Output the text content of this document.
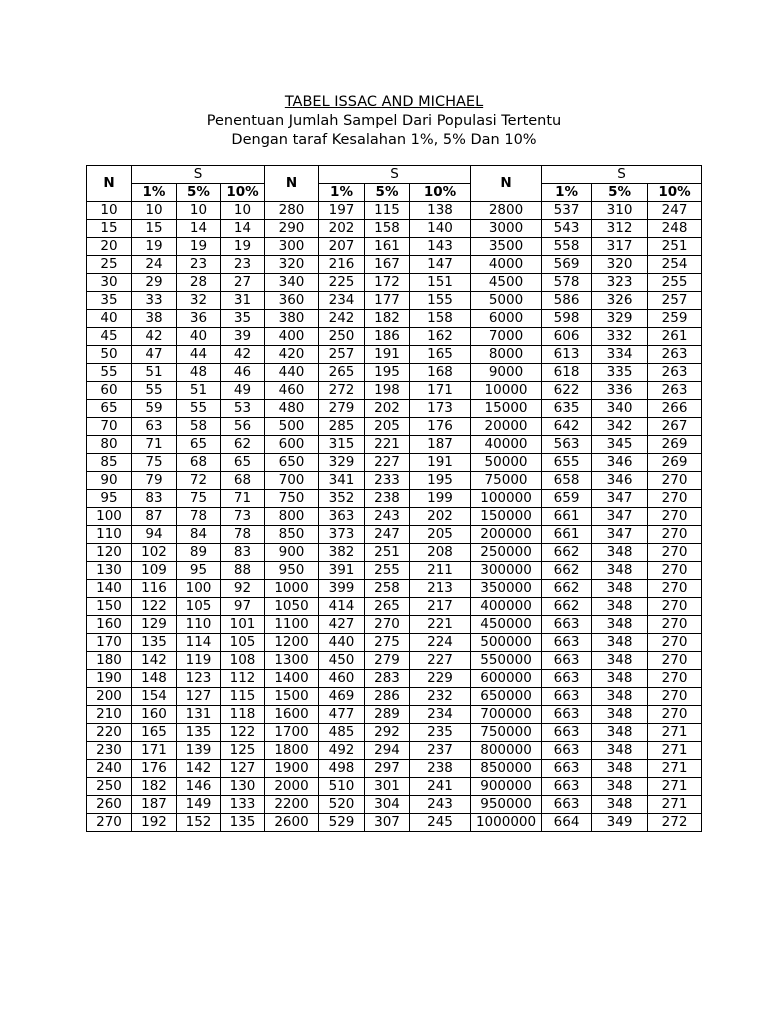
TABEL ISSAC AND MICHAEL
Penentuan Jumlah Sampel Dari Populasi Tertentu
Dengan taraf Kesalahan 1%, 5% Dan 10%
N	S			N	S			N	S		
	1%	5%	10%		1%	5%	10%		1%	5%	10%
10	10	10	10	280	197	115	138	2800	537	310	247
15	15	14	14	290	202	158	140	3000	543	312	248
20	19	19	19	300	207	161	143	3500	558	317	251
25	24	23	23	320	216	167	147	4000	569	320	254
30	29	28	27	340	225	172	151	4500	578	323	255
35	33	32	31	360	234	177	155	5000	586	326	257
40	38	36	35	380	242	182	158	6000	598	329	259
45	42	40	39	400	250	186	162	7000	606	332	261
50	47	44	42	420	257	191	165	8000	613	334	263
55	51	48	46	440	265	195	168	9000	618	335	263
60	55	51	49	460	272	198	171	10000	622	336	263
65	59	55	53	480	279	202	173	15000	635	340	266
70	63	58	56	500	285	205	176	20000	642	342	267
80	71	65	62	600	315	221	187	40000	563	345	269
85	75	68	65	650	329	227	191	50000	655	346	269
90	79	72	68	700	341	233	195	75000	658	346	270
95	83	75	71	750	352	238	199	100000	659	347	270
100	87	78	73	800	363	243	202	150000	661	347	270
110	94	84	78	850	373	247	205	200000	661	347	270
120	102	89	83	900	382	251	208	250000	662	348	270
130	109	95	88	950	391	255	211	300000	662	348	270
140	116	100	92	1000	399	258	213	350000	662	348	270
150	122	105	97	1050	414	265	217	400000	662	348	270
160	129	110	101	1100	427	270	221	450000	663	348	270
170	135	114	105	1200	440	275	224	500000	663	348	270
180	142	119	108	1300	450	279	227	550000	663	348	270
190	148	123	112	1400	460	283	229	600000	663	348	270
200	154	127	115	1500	469	286	232	650000	663	348	270
210	160	131	118	1600	477	289	234	700000	663	348	270
220	165	135	122	1700	485	292	235	750000	663	348	271
230	171	139	125	1800	492	294	237	800000	663	348	271
240	176	142	127	1900	498	297	238	850000	663	348	271
250	182	146	130	2000	510	301	241	900000	663	348	271
260	187	149	133	2200	520	304	243	950000	663	348	271
270	192	152	135	2600	529	307	245	1000000	664	349	272
